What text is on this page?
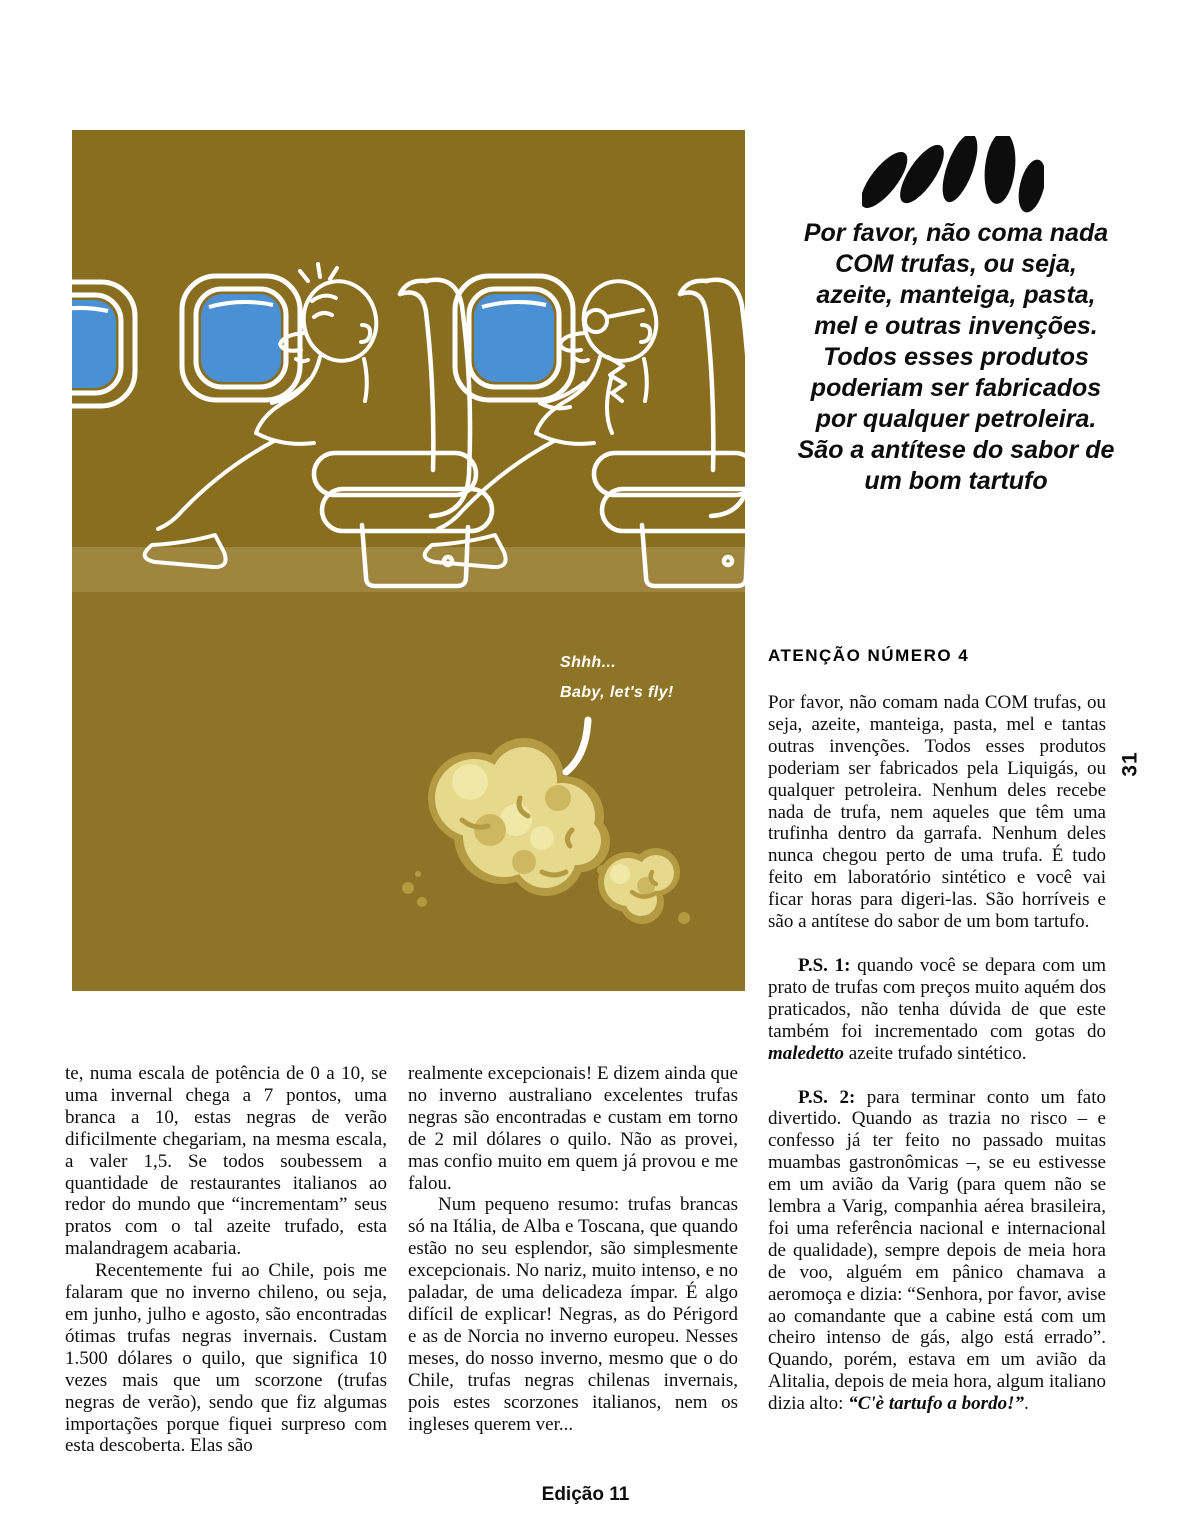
Shhh...
Baby, let's fly!
Por favor, não coma nada COM trufas, ou seja, azeite, manteiga, pasta, mel e outras invenções. Todos esses produtos poderiam ser fabricados por qualquer petroleira. São a antítese do sabor de um bom tartufo
ATENÇÃO NÚMERO 4

Por favor, não comam nada COM trufas, ou seja, azeite, manteiga, pasta, mel e tantas outras invenções. Todos esses produtos poderiam ser fabricados pela Liquigás, ou qualquer petroleira. Nenhum deles recebe nada de trufa, nem aqueles que têm uma trufinha dentro da garrafa. Nenhum deles nunca chegou perto de uma trufa. É tudo feito em laboratório sintético e você vai ficar horas para digeri-las. São horríveis e são a antítese do sabor de um bom tartufo.

P.S. 1: quando você se depara com um prato de trufas com preços muito aquém dos praticados, não tenha dúvida de que este também foi incrementado com gotas do maledetto azeite trufado sintético.

P.S. 2: para terminar conto um fato divertido. Quando as trazia no risco – e confesso já ter feito no passado muitas muambas gastronômicas –, se eu estivesse em um avião da Varig (para quem não se lembra a Varig, companhia aérea brasileira, foi uma referência nacional e internacional de qualidade), sempre depois de meia hora de voo, alguém em pânico chamava a aeromoça e dizia: “Senhora, por favor, avise ao comandante que a cabine está com um cheiro intenso de gás, algo está errado”. Quando, porém, estava em um avião da Alitalia, depois de meia hora, algum italiano dizia alto: “C'è tartufo a bordo!”.

te, numa escala de potência de 0 a 10, se uma invernal chega a 7 pontos, uma branca a 10, estas negras de verão dificilmente chegariam, na mesma escala, a valer 1,5. Se todos soubessem a quantidade de restaurantes italianos ao redor do mundo que “incrementam” seus pratos com o tal azeite trufado, esta malandragem acabaria.

Recentemente fui ao Chile, pois me falaram que no inverno chileno, ou seja, em junho, julho e agosto, são encontradas ótimas trufas negras invernais. Custam 1.500 dólares o quilo, que significa 10 vezes mais que um scorzone (trufas negras de verão), sendo que fiz algumas importações porque fiquei surpreso com esta descoberta. Elas são

realmente excepcionais! E dizem ainda que no inverno australiano excelentes trufas negras são encontradas e custam em torno de 2 mil dólares o quilo. Não as provei, mas confio muito em quem já provou e me falou.

Num pequeno resumo: trufas brancas só na Itália, de Alba e Toscana, que quando estão no seu esplendor, são simplesmente excepcionais. No nariz, muito intenso, e no paladar, de uma delicadeza ímpar. É algo difícil de explicar! Negras, as do Périgord e as de Norcia no inverno europeu. Nesses meses, do nosso inverno, mesmo que o do Chile, trufas negras chilenas invernais, pois estes scorzones italianos, nem os ingleses querem ver...

31
Edição 11
